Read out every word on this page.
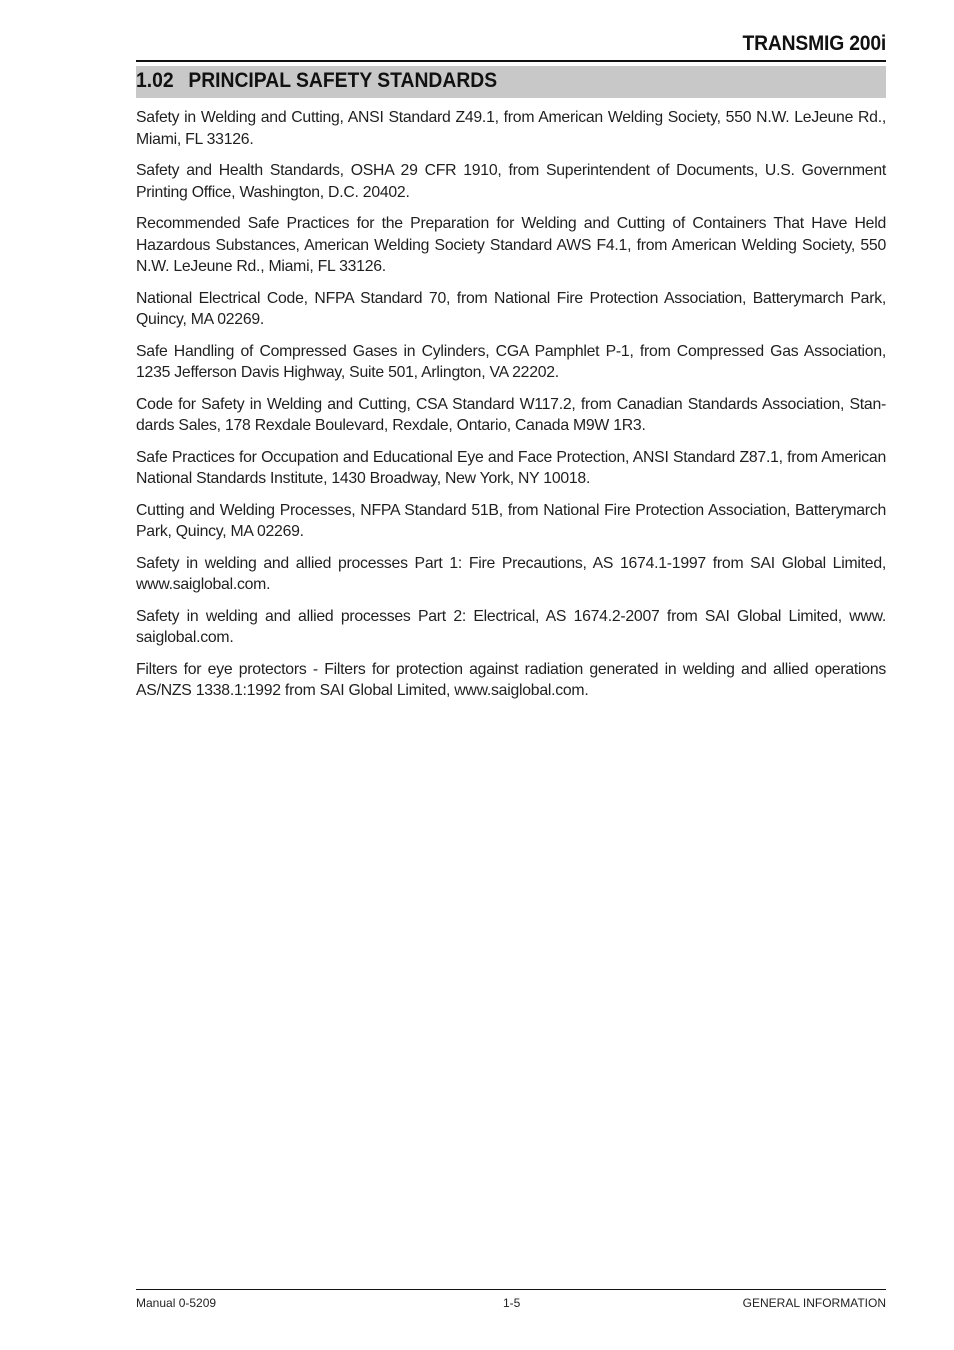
TRANSMIG 200i
1.02 PRINCIPAL SAFETY STANDARDS

Safety in Welding and Cutting, ANSI Standard Z49.1, from American Welding Society, 550 N.W. LeJeune Rd., Miami, FL 33126.

Safety and Health Standards, OSHA 29 CFR 1910, from Superintendent of Documents, U.S. Government Printing Office, Washington, D.C. 20402.

Recommended Safe Practices for the Preparation for Welding and Cutting of Containers That Have Held Hazardous Substances, American Welding Society Standard AWS F4.1, from American Welding Society, 550 N.W. LeJeune Rd., Miami, FL 33126.

National Electrical Code, NFPA Standard 70, from National Fire Protection Association, Batterymarch Park, Quincy, MA 02269.

Safe Handling of Compressed Gases in Cylinders, CGA Pamphlet P-1, from Compressed Gas Association, 1235 Jefferson Davis Highway, Suite 501, Arlington, VA 22202.

Code for Safety in Welding and Cutting, CSA Standard W117.2, from Canadian Standards Association, Stan-dards Sales, 178 Rexdale Boulevard, Rexdale, Ontario, Canada M9W 1R3.

Safe Practices for Occupation and Educational Eye and Face Protection, ANSI Standard Z87.1, from American National Standards Institute, 1430 Broadway, New York, NY 10018.

Cutting and Welding Processes, NFPA Standard 51B, from National Fire Protection Association, Batterymarch Park, Quincy, MA 02269.

Safety in welding and allied processes Part 1: Fire Precautions, AS 1674.1-1997 from SAI Global Limited, www.saiglobal.com.

Safety in welding and allied processes Part 2: Electrical, AS 1674.2-2007 from SAI Global Limited, www. saiglobal.com.

Filters for eye protectors - Filters for protection against radiation generated in welding and allied operations AS/NZS 1338.1:1992 from SAI Global Limited, www.saiglobal.com.

Manual 0-5209	1-5	GENERAL INFORMATION
